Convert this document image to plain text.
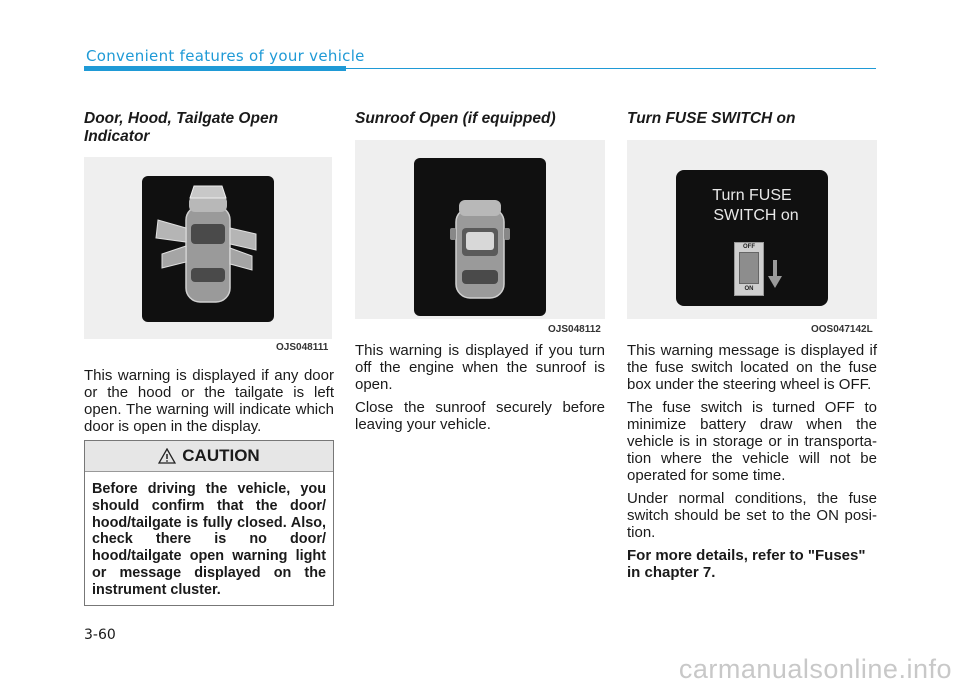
Convenient features of your vehicle
Door, Hood, Tailgate Open Indicator
OJS048111

This warning is displayed if any door or the hood or the tailgate is left open. The warning will indicate which door is open in the display.

CAUTION
Before driving the vehicle, you should confirm that the door/ hood/tailgate is fully closed. Also, check there is no door/ hood/tailgate open warning light or message displayed on the instrument cluster.
Sunroof Open (if equipped)
OJS048112

This warning is displayed if you turn off the engine when the sunroof is open.

Close the sunroof securely before leaving your vehicle.

Turn FUSE SWITCH on
Turn FUSE
SWITCH on
OFF
ON
OOS047142L

This warning message is displayed if the fuse switch located on the fuse box under the steering wheel is OFF.

The fuse switch is turned OFF to minimize battery draw when the vehicle is in storage or in transporta-tion where the vehicle will not be operated for some time.

Under normal conditions, the fuse switch should be set to the ON posi-tion.

For more details, refer to "Fuses" in chapter 7.

3-60
carmanualsonline.info
